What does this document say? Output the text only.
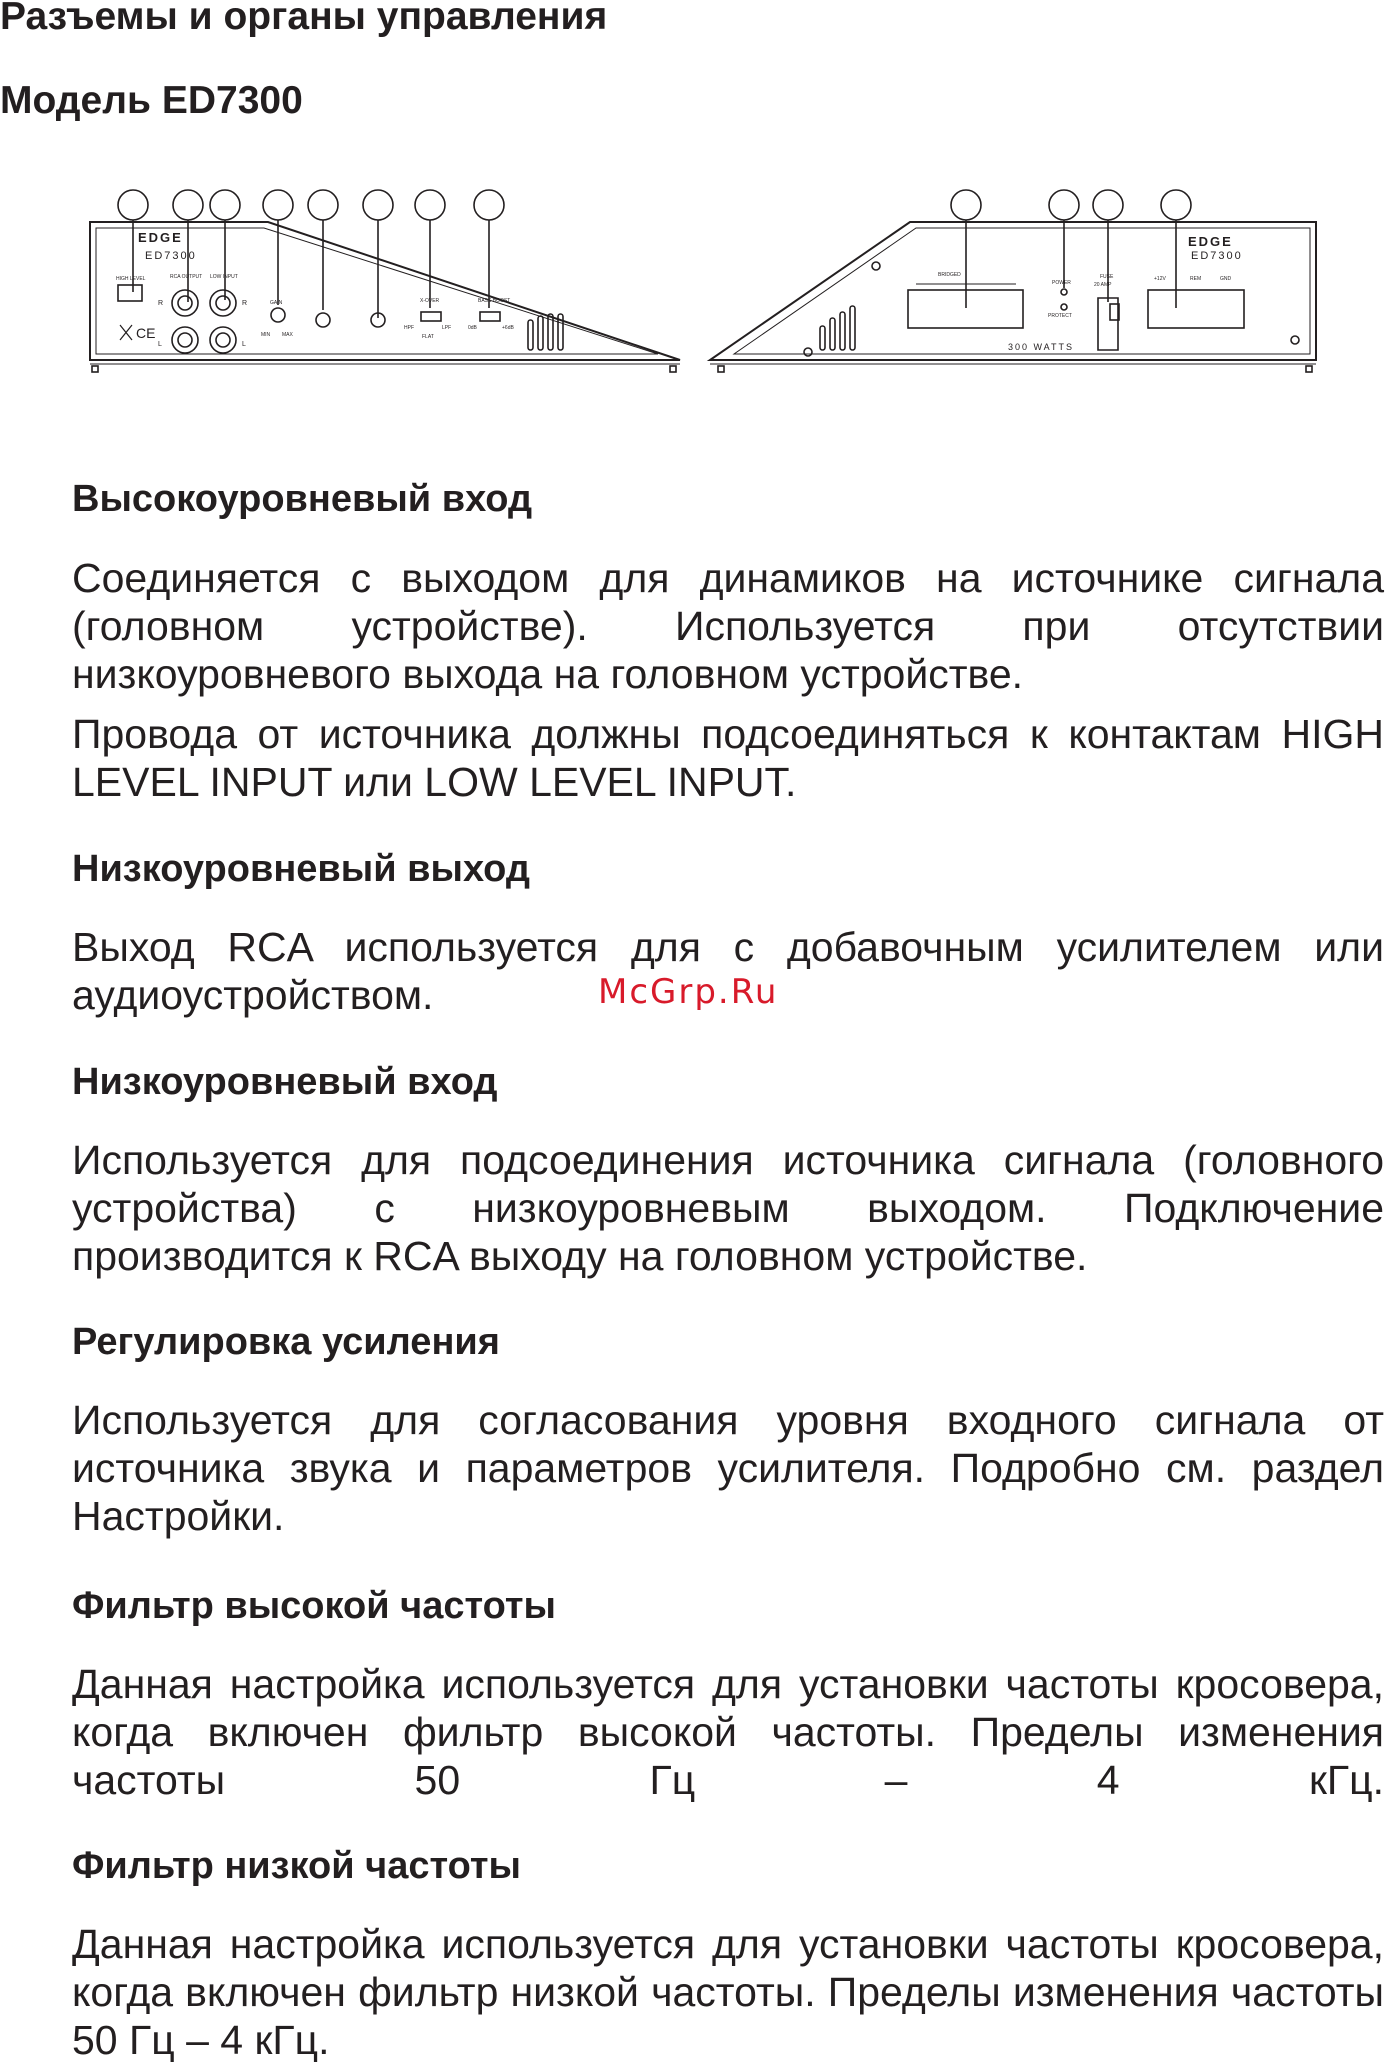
Разъемы и органы управления
Модель ED7300
EDGE
ED7300
HIGH LEVEL	RCA OUTPUT LOW INPUT
R
L
R
L
GAIN
MIN MAX
X-OVER
HPF	LPF
FLAT
BASS BOOST
0dB	+6dB
CE
EDGE
ED7300
BRIDGED
POWER
PROTECT
FUSE
20 AMP
+12V	REM	GND
300 WATTS
Высокоуровневый вход

Соединяется с выходом для динамиков на источнике сигнала (головном устройстве). Используется при отсутствии низкоуровневого выхода на головном устройстве.

Провода от источника должны подсоединяться к контактам HIGH LEVEL INPUT или LOW LEVEL INPUT.

Низкоуровневый выход

Выход RCA используется для с добавочным усилителем или аудиоустройством.	McGrp.Ru
Низкоуровневый вход

Используется для подсоединения источника сигнала (головного устройства) с низкоуровневым выходом. Подключение производится к RCA выходу на головном устройстве.

Регулировка усиления

Используется для согласования уровня входного сигнала от источника звука и параметров усилителя. Подробно см. раздел Настройки.

Фильтр высокой частоты

Данная настройка используется для установки частоты кросовера, когда включен фильтр высокой частоты. Пределы изменения частоты 50 Гц – 4 кГц.

Фильтр низкой частоты

Данная настройка используется для установки частоты кросовера, когда включен фильтр низкой частоты. Пределы изменения частоты 50 Гц – 4 кГц.
